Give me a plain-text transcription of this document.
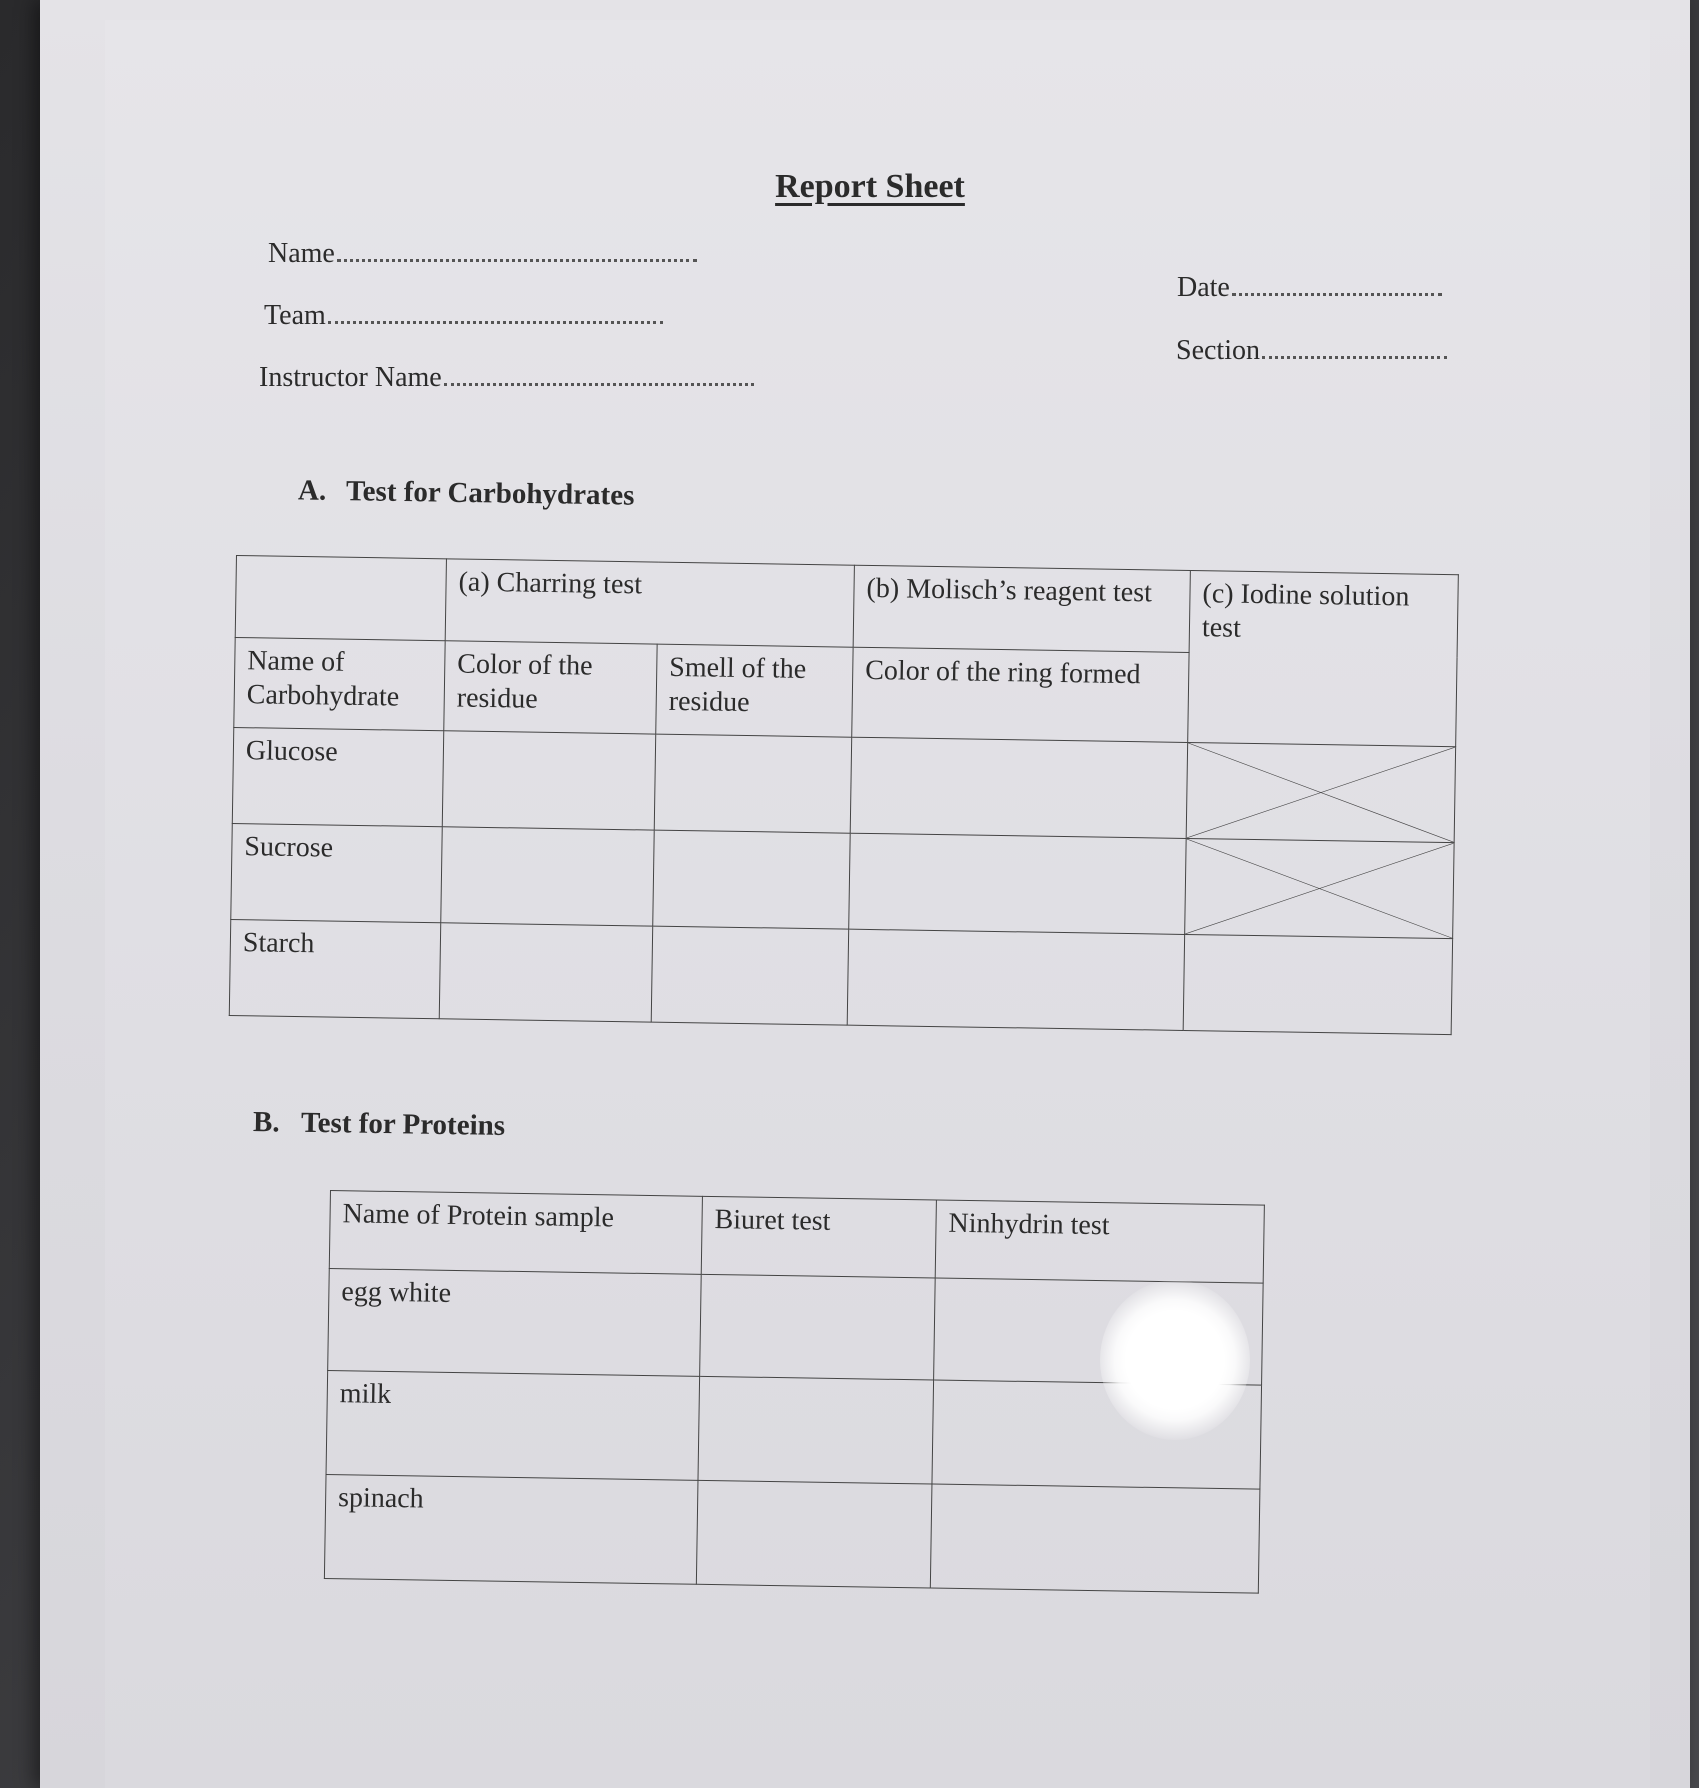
Report Sheet
Name
Team
Instructor Name
Date
Section
A. Test for Carbohydrates
	(a) Charring test		(b) Molisch’s reagent test	(c) Iodine solution test
Name of Carbohydrate	Color of the residue	Smell of the residue	Color of the ring formed	
Glucose				

Sucrose				

Starch				
B. Test for Proteins
Name of Protein sample	Biuret test	Ninhydrin test
egg white		
milk		
spinach		
